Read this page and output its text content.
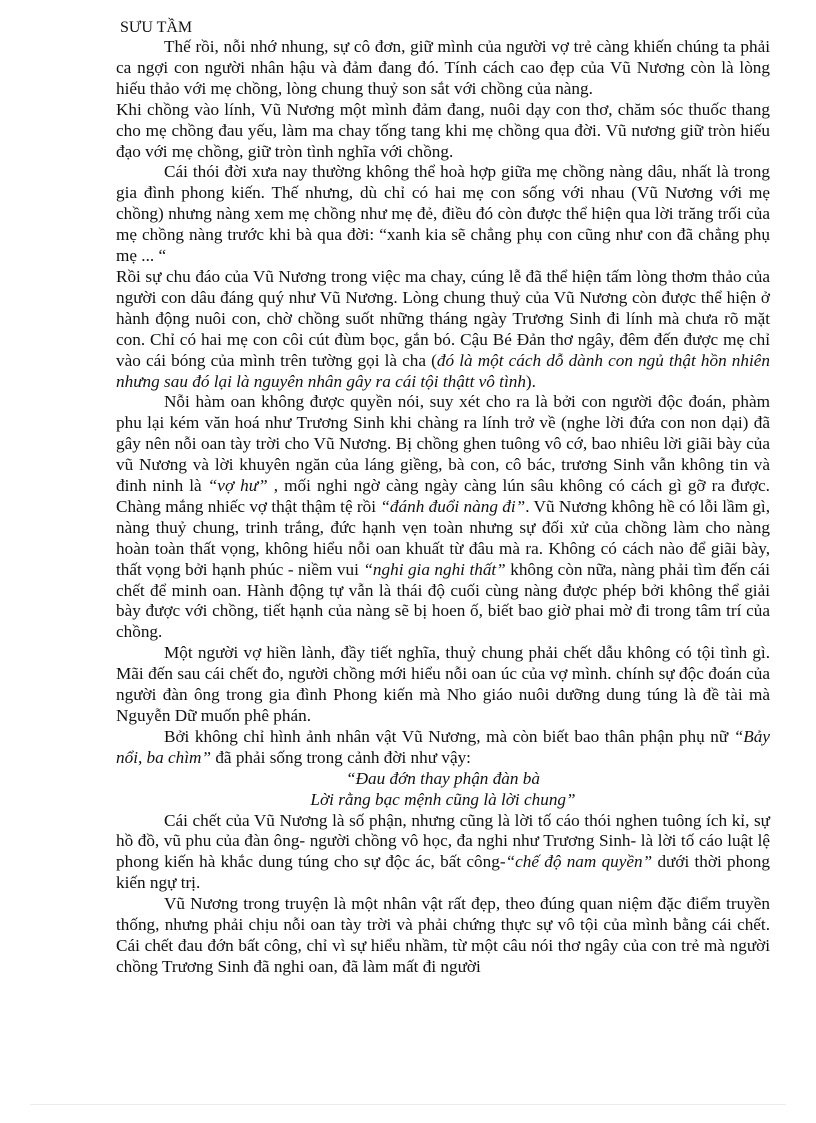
SƯU TẦM

Thế rồi, nỗi nhớ nhung, sự cô đơn, giữ mình của người vợ trẻ càng khiến chúng ta phải ca ngợi con người nhân hậu và đảm đang đó. Tính cách cao đẹp của Vũ Nương còn là lòng hiếu thảo với mẹ chồng, lòng chung thuỷ son sắt với chồng của nàng.

Khi chồng vào lính, Vũ Nương một mình đảm đang, nuôi dạy con thơ, chăm sóc thuốc thang cho mẹ chồng đau yếu, làm ma chay tống tang khi mẹ chồng qua đời. Vũ nương giữ tròn hiếu đạo với mẹ chồng, giữ tròn tình nghĩa với chồng.

Cái thói đời xưa nay thường không thể hoà hợp giữa mẹ chồng nàng dâu, nhất là trong gia đình phong kiến. Thế nhưng, dù chỉ có hai mẹ con sống với nhau (Vũ Nương với mẹ chồng) nhưng nàng xem mẹ chồng như mẹ đẻ, điều đó còn được thể hiện qua lời trăng trối của mẹ chồng nàng trước khi bà qua đời: “xanh kia sẽ chẳng phụ con cũng như con đã chẳng phụ mẹ ... “

Rồi sự chu đáo của Vũ Nương trong việc ma chay, cúng lễ đã thể hiện tấm lòng thơm thảo của người con dâu đáng quý như Vũ Nương. Lòng chung thuỷ của Vũ Nương còn được thể hiện ở hành động nuôi con, chờ chồng suốt những tháng ngày Trương Sinh đi lính mà chưa rõ mặt con. Chỉ có hai mẹ con côi cút đùm bọc, gắn bó. Cậu Bé Đản thơ ngây, đêm đến được mẹ chỉ vào cái bóng của mình trên tường gọi là cha (đó là một cách dỗ dành con ngủ thật hồn nhiên nhưng sau đó lại là nguyên nhân gây ra cái tội thậtt vô tình).

Nỗi hàm oan không được quyền nói, suy xét cho ra là bởi con người độc đoán, phàm phu lại kém văn hoá như Trương Sinh khi chàng ra lính trở về (nghe lời đứa con non dại) đã gây nên nỗi oan tày trời cho Vũ Nương. Bị chồng ghen tuông vô cớ, bao nhiêu lời giãi bày của vũ Nương và lời khuyên ngăn của láng giềng, bà con, cô bác, trương Sinh vẫn không tin và đinh ninh là “vợ hư” , mối nghi ngờ càng ngày càng lún sâu không có cách gì gỡ ra được. Chàng mắng nhiếc vợ thật thậm tệ rồi “đánh đuổi nàng đi”. Vũ Nương không hề có lỗi lầm gì, nàng thuỷ chung, trinh trắng, đức hạnh vẹn toàn nhưng sự đối xử của chồng làm cho nàng hoàn toàn thất vọng, không hiểu nỗi oan khuất từ đâu mà ra. Không có cách nào để giãi bày, thất vọng bởi hạnh phúc - niềm vui “nghi gia nghi thất” không còn nữa, nàng phải tìm đến cái chết để minh oan. Hành động tự vẫn là thái độ cuối cùng nàng được phép bởi không thể giải bày được với chồng, tiết hạnh của nàng sẽ bị hoen ố, biết bao giờ phai mờ đi trong tâm trí của chồng.

Một người vợ hiền lành, đầy tiết nghĩa, thuỷ chung phải chết dẫu không có tội tình gì. Mãi đến sau cái chết đo, người chồng mới hiểu nỗi oan úc của vợ mình. chính sự độc đoán của người đàn ông trong gia đình Phong kiến mà Nho giáo nuôi dưỡng dung túng là đề tài mà Nguyễn Dữ muốn phê phán.

Bởi không chỉ hình ảnh nhân vật Vũ Nương, mà còn biết bao thân phận phụ nữ “Bảy nổi, ba chìm” đã phải sống trong cảnh đời như vậy:

“Đau đớn thay phận đàn bà

Lời rằng bạc mệnh cũng là lời chung”

Cái chết của Vũ Nương là số phận, nhưng cũng là lời tố cáo thói nghen tuông ích kỉ, sự hồ đồ, vũ phu của đàn ông- người chồng vô học, đa nghi như Trương Sinh- là lời tố cáo luật lệ phong kiến hà khắc dung túng cho sự độc ác, bất công-“chế độ nam quyền” dưới thời phong kiến ngự trị.

Vũ Nương trong truyện là một nhân vật rất đẹp, theo đúng quan niệm đặc điểm truyền thống, nhưng phải chịu nỗi oan tày trời và phải chứng thực sự vô tội của mình bằng cái chết. Cái chết đau đớn bất công, chỉ vì sự hiểu nhầm, từ một câu nói thơ ngây của con trẻ mà người chồng Trương Sinh đã nghi oan, đã làm mất đi người
